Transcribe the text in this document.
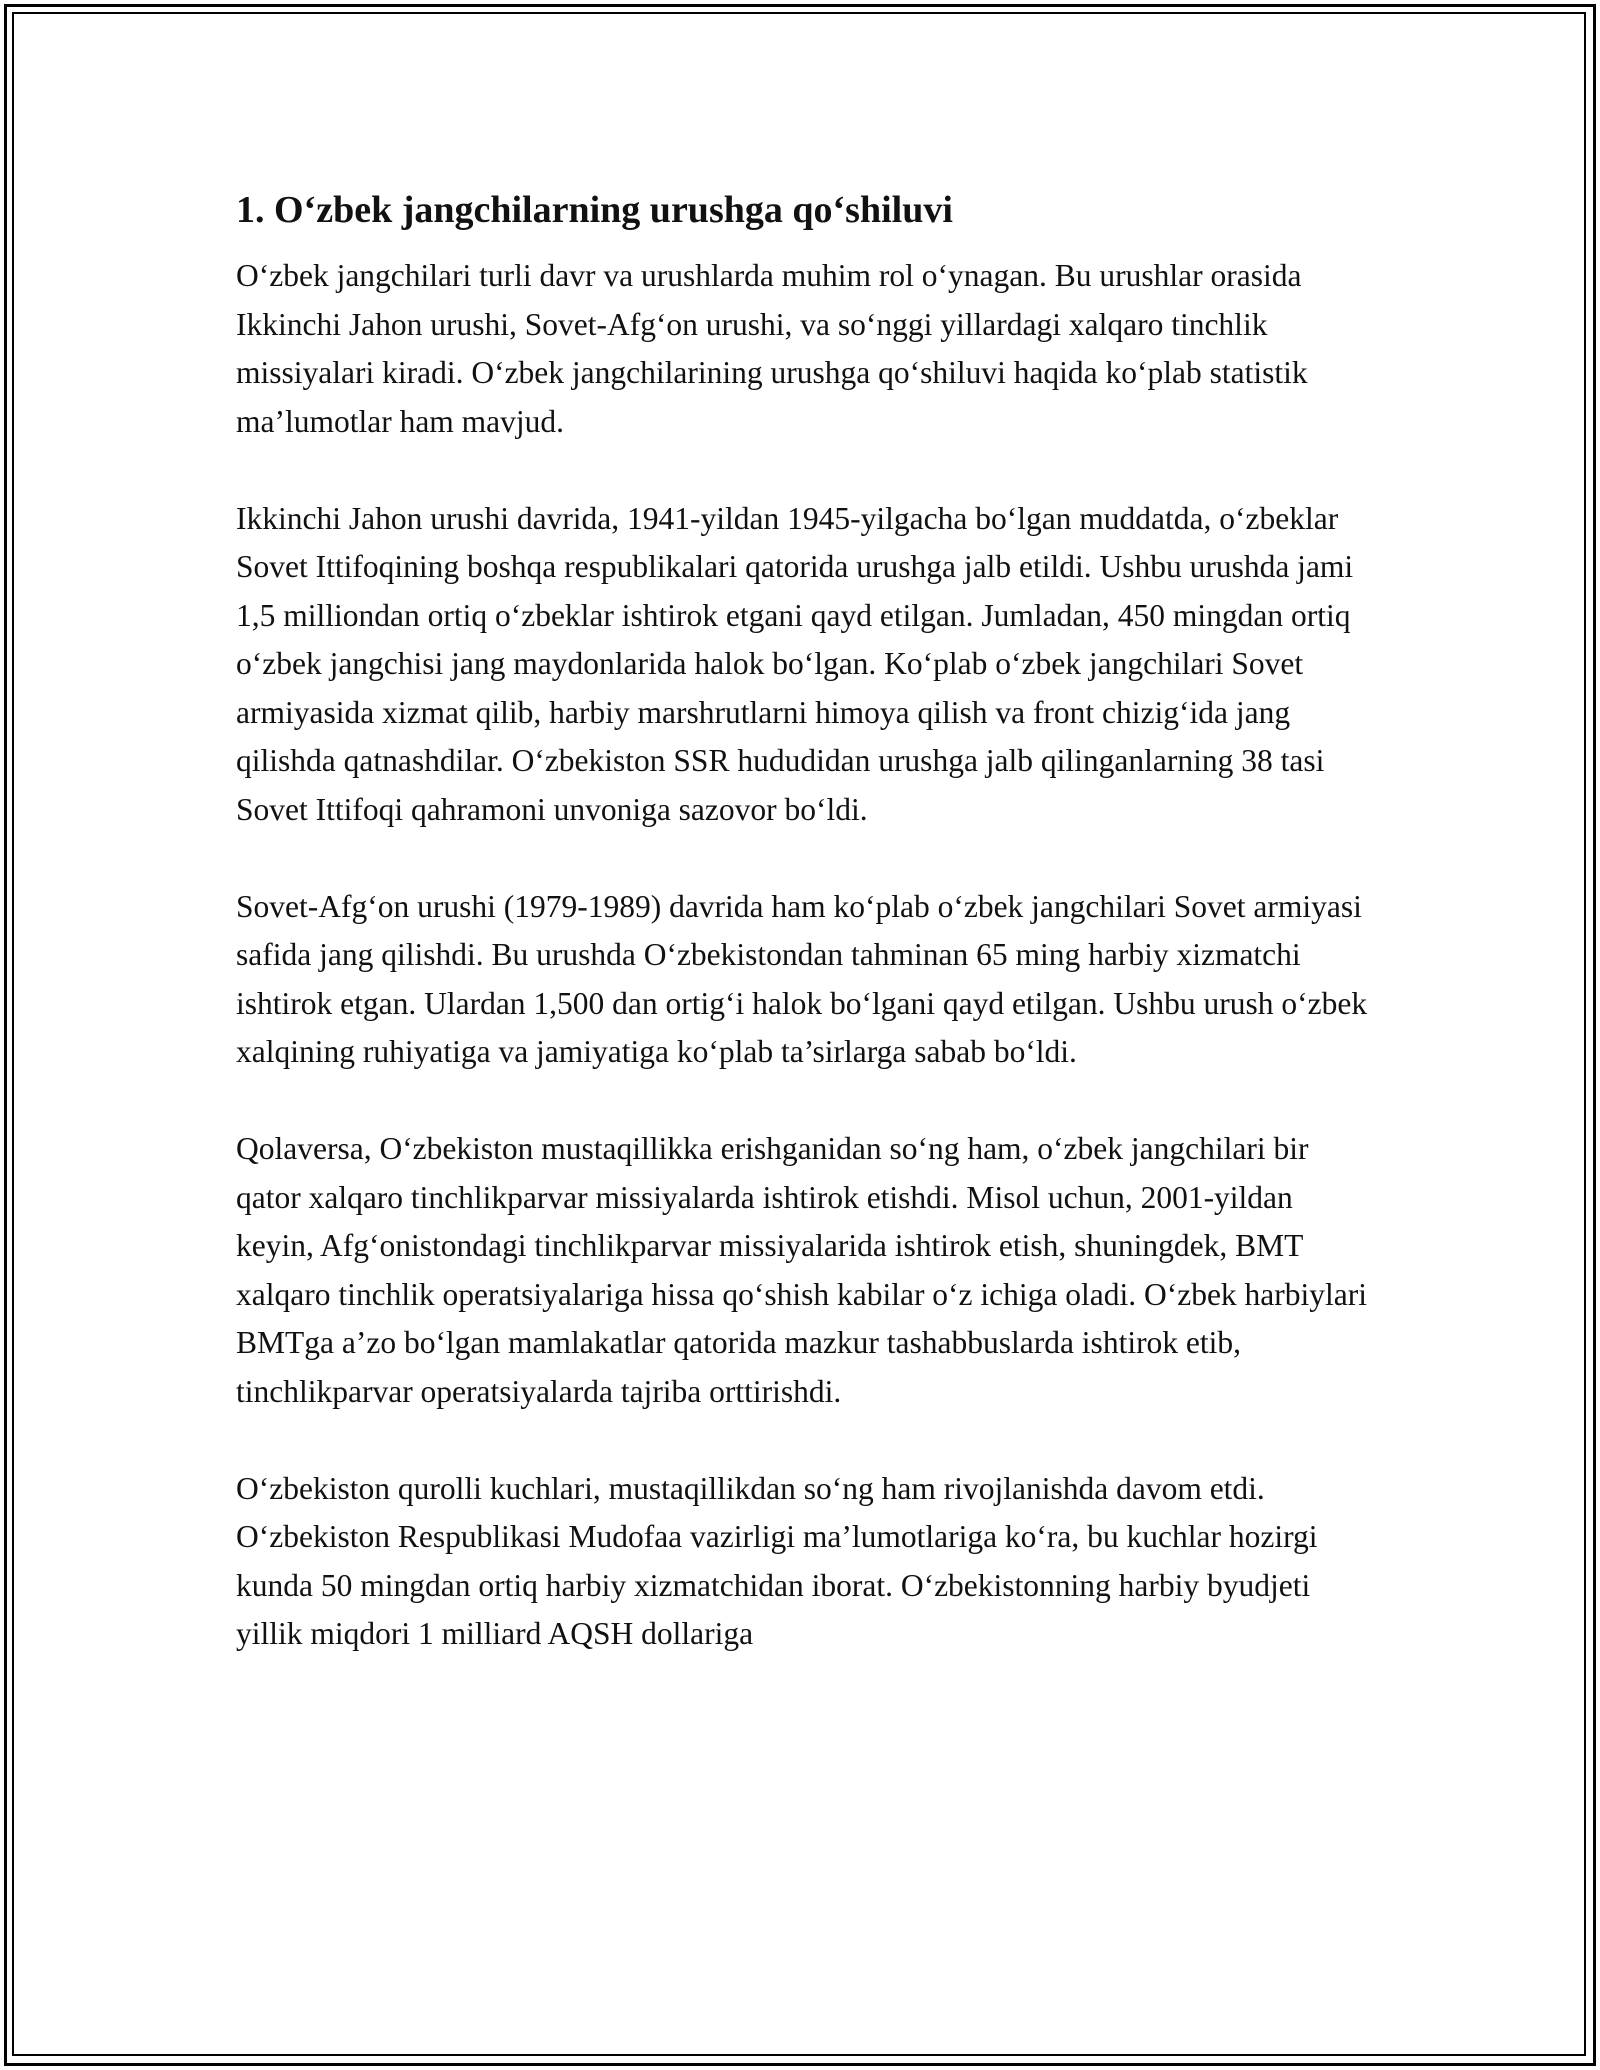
1. O‘zbek jangchilarning urushga qo‘shiluvi

O‘zbek jangchilari turli davr va urushlarda muhim rol o‘ynagan. Bu urushlar orasida Ikkinchi Jahon urushi, Sovet-Afg‘on urushi, va so‘nggi yillardagi xalqaro tinchlik missiyalari kiradi. O‘zbek jangchilarining urushga qo‘shiluvi haqida ko‘plab statistik ma’lumotlar ham mavjud.

Ikkinchi Jahon urushi davrida, 1941-yildan 1945-yilgacha bo‘lgan muddatda, o‘zbeklar Sovet Ittifoqining boshqa respublikalari qatorida urushga jalb etildi. Ushbu urushda jami 1,5 milliondan ortiq o‘zbeklar ishtirok etgani qayd etilgan. Jumladan, 450 mingdan ortiq o‘zbek jangchisi jang maydonlarida halok bo‘lgan. Ko‘plab o‘zbek jangchilari Sovet armiyasida xizmat qilib, harbiy marshrutlarni himoya qilish va front chizig‘ida jang qilishda qatnashdilar. O‘zbekiston SSR hududidan urushga jalb qilinganlarning 38 tasi Sovet Ittifoqi qahramoni unvoniga sazovor bo‘ldi.

Sovet-Afg‘on urushi (1979-1989) davrida ham ko‘plab o‘zbek jangchilari Sovet armiyasi safida jang qilishdi. Bu urushda O‘zbekistondan tahminan 65 ming harbiy xizmatchi ishtirok etgan. Ulardan 1,500 dan ortig‘i halok bo‘lgani qayd etilgan. Ushbu urush o‘zbek xalqining ruhiyatiga va jamiyatiga ko‘plab ta’sirlarga sabab bo‘ldi.

Qolaversa, O‘zbekiston mustaqillikka erishganidan so‘ng ham, o‘zbek jangchilari bir qator xalqaro tinchlikparvar missiyalarda ishtirok etishdi. Misol uchun, 2001-yildan keyin, Afg‘onistondagi tinchlikparvar missiyalarida ishtirok etish, shuningdek, BMT xalqaro tinchlik operatsiyalariga hissa qo‘shish kabilar o‘z ichiga oladi. O‘zbek harbiylari BMTga a’zo bo‘lgan mamlakatlar qatorida mazkur tashabbuslarda ishtirok etib, tinchlikparvar operatsiyalarda tajriba orttirishdi.

O‘zbekiston qurolli kuchlari, mustaqillikdan so‘ng ham rivojlanishda davom etdi. O‘zbekiston Respublikasi Mudofaa vazirligi ma’lumotlariga ko‘ra, bu kuchlar hozirgi kunda 50 mingdan ortiq harbiy xizmatchidan iborat. O‘zbekistonning harbiy byudjeti yillik miqdori 1 milliard AQSH dollariga
